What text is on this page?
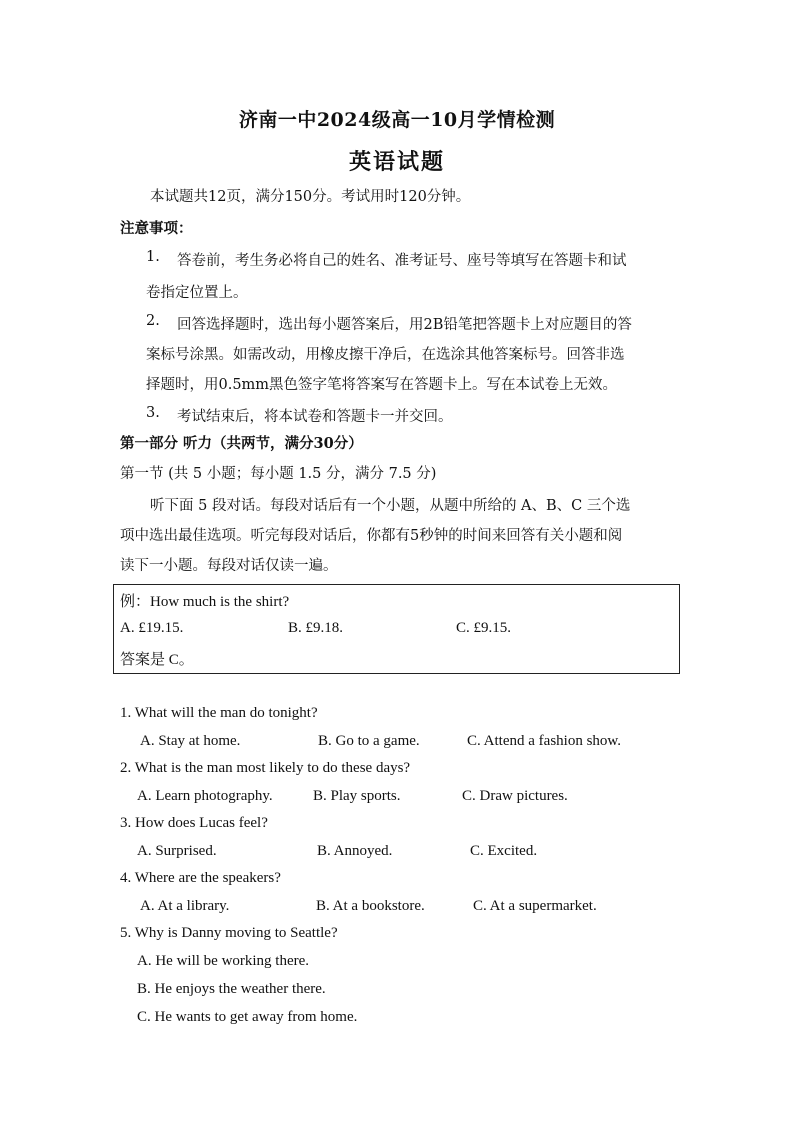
济南一中2024级高一10月学情检测
英语试题
本试题共12页，满分150分。考试用时120分钟。
注意事项：
1. 答卷前，考生务必将自己的姓名、准考证号、座号等填写在答题卡和试
卷指定位置上。
2. 回答选择题时，选出每小题答案后，用2B铅笔把答题卡上对应题目的答
案标号涂黑。如需改动，用橡皮擦干净后，在选涂其他答案标号。回答非选
择题时，用0.5mm黑色签字笔将答案写在答题卡上。写在本试卷上无效。
3. 考试结束后，将本试卷和答题卡一并交回。
第一部分 听力（共两节，满分30分）
第一节 (共 5 小题；每小题 1.5 分，满分 7.5 分)
听下面 5 段对话。每段对话后有一个小题，从题中所给的 A、B、C 三个选
项中选出最佳选项。听完每段对话后，你都有5秒钟的时间来回答有关小题和阅
读下一小题。每段对话仅读一遍。
例：How much is the shirt?
A. £19.15.	B. £9.18.	C. £9.15.
答案是 C。
1. What will the man do tonight?
A. Stay at home.	B. Go to a game.	C. Attend a fashion show.
2. What is the man most likely to do these days?
A. Learn photography.	B. Play sports.	C. Draw pictures.
3. How does Lucas feel?
A. Surprised.	B. Annoyed.	C. Excited.
4. Where are the speakers?
A. At a library.	B. At a bookstore.	C. At a supermarket.
5. Why is Danny moving to Seattle?
A. He will be working there.
B. He enjoys the weather there.
C. He wants to get away from home.
